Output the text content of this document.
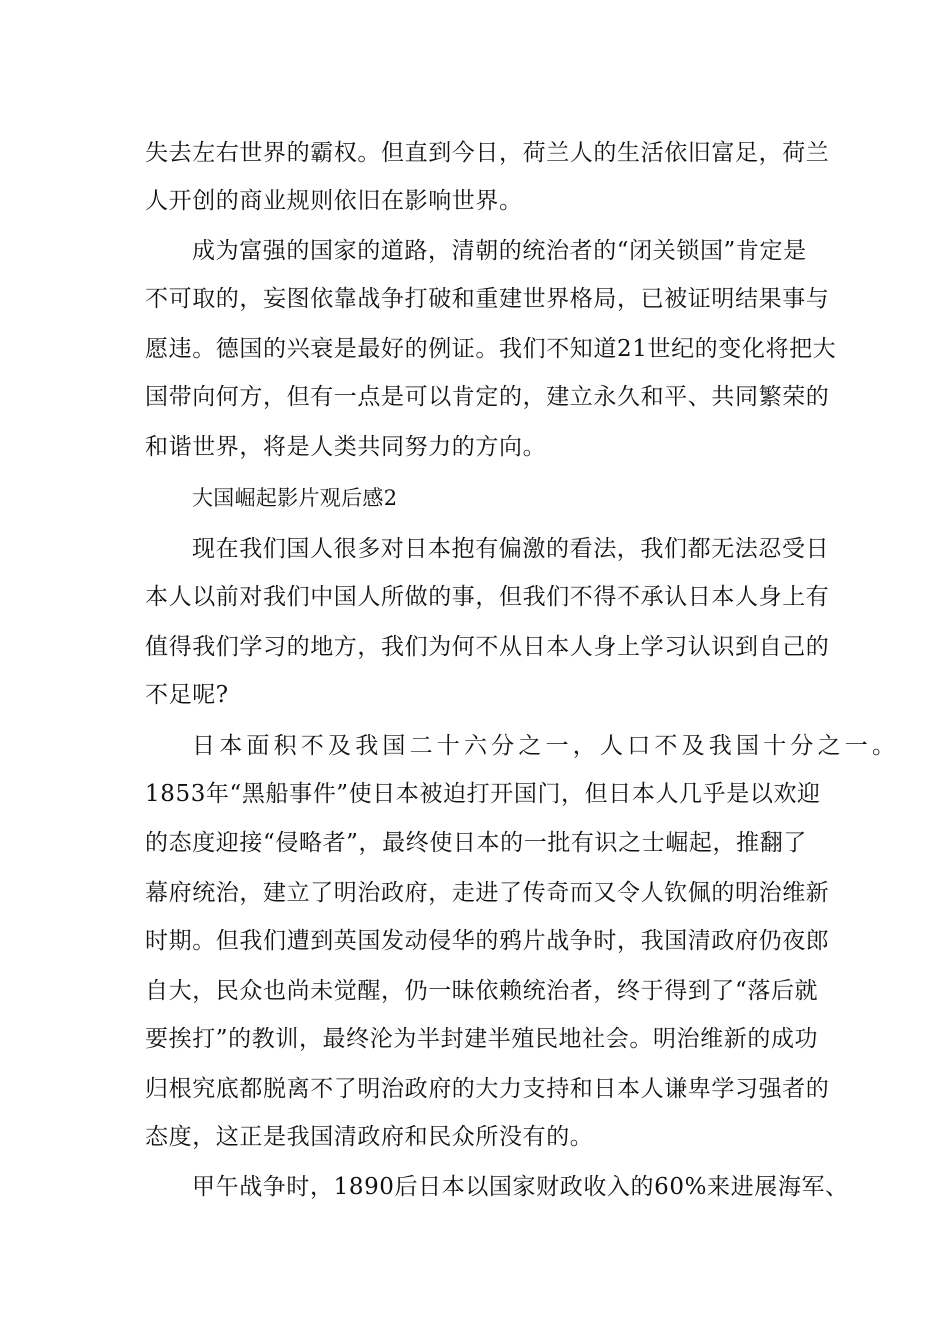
失去左右世界的霸权。但直到今日，荷兰人的生活依旧富足，荷兰
人开创的商业规则依旧在影响世界。
成为富强的国家的道路，清朝的统治者的“闭关锁国”肯定是
不可取的，妄图依靠战争打破和重建世界格局，已被证明结果事与
愿违。德国的兴衰是最好的例证。我们不知道21世纪的变化将把大
国带向何方，但有一点是可以肯定的，建立永久和平、共同繁荣的
和谐世界，将是人类共同努力的方向。
大国崛起影片观后感2
现在我们国人很多对日本抱有偏激的看法，我们都无法忍受日
本人以前对我们中国人所做的事，但我们不得不承认日本人身上有
值得我们学习的地方，我们为何不从日本人身上学习认识到自己的
不足呢?
日本面积不及我国二十六分之一，人口不及我国十分之一。
1853年“黑船事件”使日本被迫打开国门，但日本人几乎是以欢迎
的态度迎接“侵略者”，最终使日本的一批有识之士崛起，推翻了
幕府统治，建立了明治政府，走进了传奇而又令人钦佩的明治维新
时期。但我们遭到英国发动侵华的鸦片战争时，我国清政府仍夜郎
自大，民众也尚未觉醒，仍一昧依赖统治者，终于得到了“落后就
要挨打”的教训，最终沦为半封建半殖民地社会。明治维新的成功
归根究底都脱离不了明治政府的大力支持和日本人谦卑学习强者的
态度，这正是我国清政府和民众所没有的。
甲午战争时，1890后日本以国家财政收入的60%来进展海军、
